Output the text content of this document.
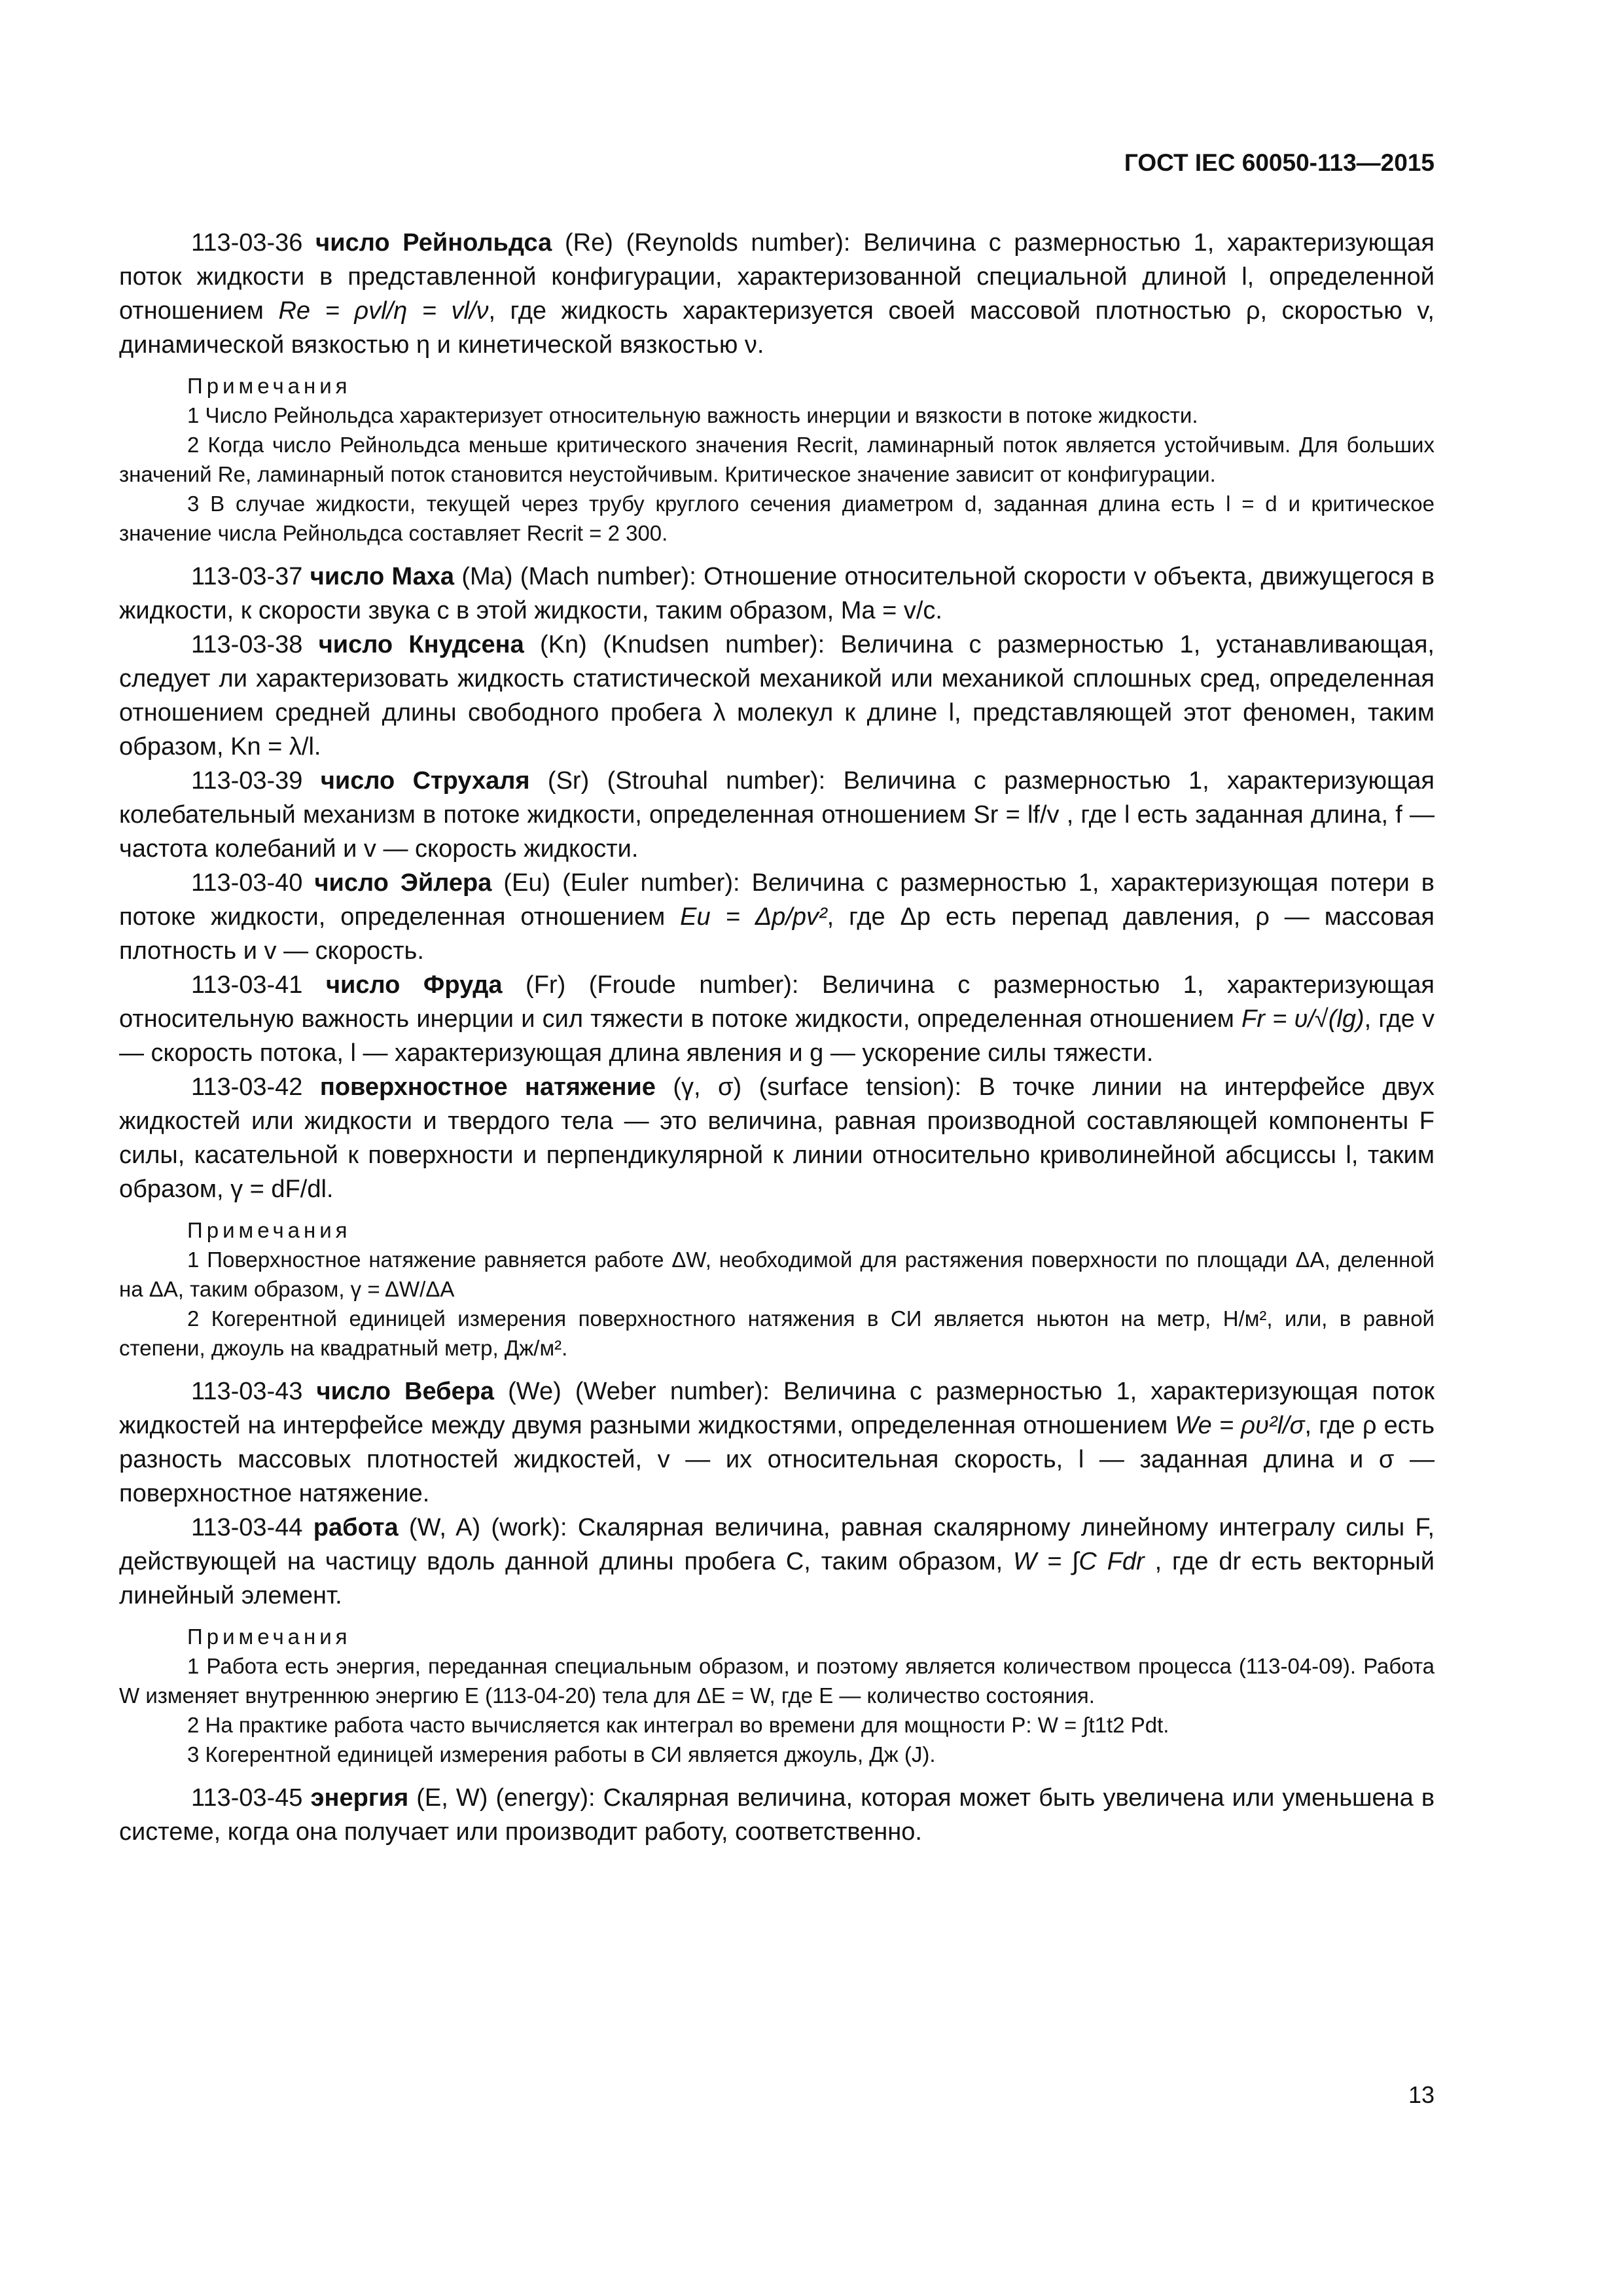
ГОСТ IEC 60050-113—2015

113-03-36 число Рейнольдса (Re) (Reynolds number): Величина с размерностью 1, характеризующая поток жидкости в представленной конфигурации, характеризованной специальной длиной l, определенной отношением Re = ρvl/η = vl/ν, где жидкость характеризуется своей массовой плотностью ρ, скоростью v, динамической вязкостью η и кинетической вязкостью ν.

Примечания

1 Число Рейнольдса характеризует относительную важность инерции и вязкости в потоке жидкости.

2 Когда число Рейнольдса меньше критического значения Recrit, ламинарный поток является устойчивым. Для больших значений Re, ламинарный поток становится неустойчивым. Критическое значение зависит от конфигурации.

3 В случае жидкости, текущей через трубу круглого сечения диаметром d, заданная длина есть l = d и критическое значение числа Рейнольдса составляет Recrit = 2 300.

113-03-37 число Маха (Ma) (Mach number): Отношение относительной скорости v объекта, движущегося в жидкости, к скорости звука c в этой жидкости, таким образом, Ma = v/c.

113-03-38 число Кнудсена (Kn) (Knudsen number): Величина с размерностью 1, устанавливающая, следует ли характеризовать жидкость статистической механикой или механикой сплошных сред, определенная отношением средней длины свободного пробега λ молекул к длине l, представляющей этот феномен, таким образом, Kn = λ/l.

113-03-39 число Струхаля (Sr) (Strouhal number): Величина с размерностью 1, характеризующая колебательный механизм в потоке жидкости, определенная отношением Sr = lf/v , где l есть заданная длина, f — частота колебаний и v — скорость жидкости.

113-03-40 число Эйлера (Eu) (Euler number): Величина с размерностью 1, характеризующая потери в потоке жидкости, определенная отношением Eu = Δp/pv², где Δp есть перепад давления, ρ — массовая плотность и v — скорость.

113-03-41 число Фруда (Fr) (Froude number): Величина с размерностью 1, характеризующая относительную важность инерции и сил тяжести в потоке жидкости, определенная отношением Fr = υ/√(lg), где v — скорость потока, l — характеризующая длина явления и g — ускорение силы тяжести.

113-03-42 поверхностное натяжение (γ, σ) (surface tension): В точке линии на интерфейсе двух жидкостей или жидкости и твердого тела — это величина, равная производной составляющей компоненты F силы, касательной к поверхности и перпендикулярной к линии относительно криволинейной абсциссы l, таким образом, γ = dF/dl.

Примечания

1 Поверхностное натяжение равняется работе ΔW, необходимой для растяжения поверхности по площади ΔA, деленной на ΔA, таким образом, γ = ΔW/ΔA

2 Когерентной единицей измерения поверхностного натяжения в СИ является ньютон на метр, Н/м², или, в равной степени, джоуль на квадратный метр, Дж/м².

113-03-43 число Вебера (We) (Weber number): Величина с размерностью 1, характеризующая поток жидкостей на интерфейсе между двумя разными жидкостями, определенная отношением We = ρυ²l/σ, где ρ есть разность массовых плотностей жидкостей, v — их относительная скорость, l — заданная длина и σ — поверхностное натяжение.

113-03-44 работа (W, A) (work): Скалярная величина, равная скалярному линейному интегралу силы F, действующей на частицу вдоль данной длины пробега C, таким образом, W = ∫C Fdr , где dr есть векторный линейный элемент.

Примечания

1 Работа есть энергия, переданная специальным образом, и поэтому является количеством процесса (113-04-09). Работа W изменяет внутреннюю энергию E (113-04-20) тела для ΔE = W, где E — количество состояния.

2 На практике работа часто вычисляется как интеграл во времени для мощности P: W = ∫t1t2 Pdt.

3 Когерентной единицей измерения работы в СИ является джоуль, Дж (J).

113-03-45 энергия (E, W) (energy): Скалярная величина, которая может быть увеличена или уменьшена в системе, когда она получает или производит работу, соответственно.

13
